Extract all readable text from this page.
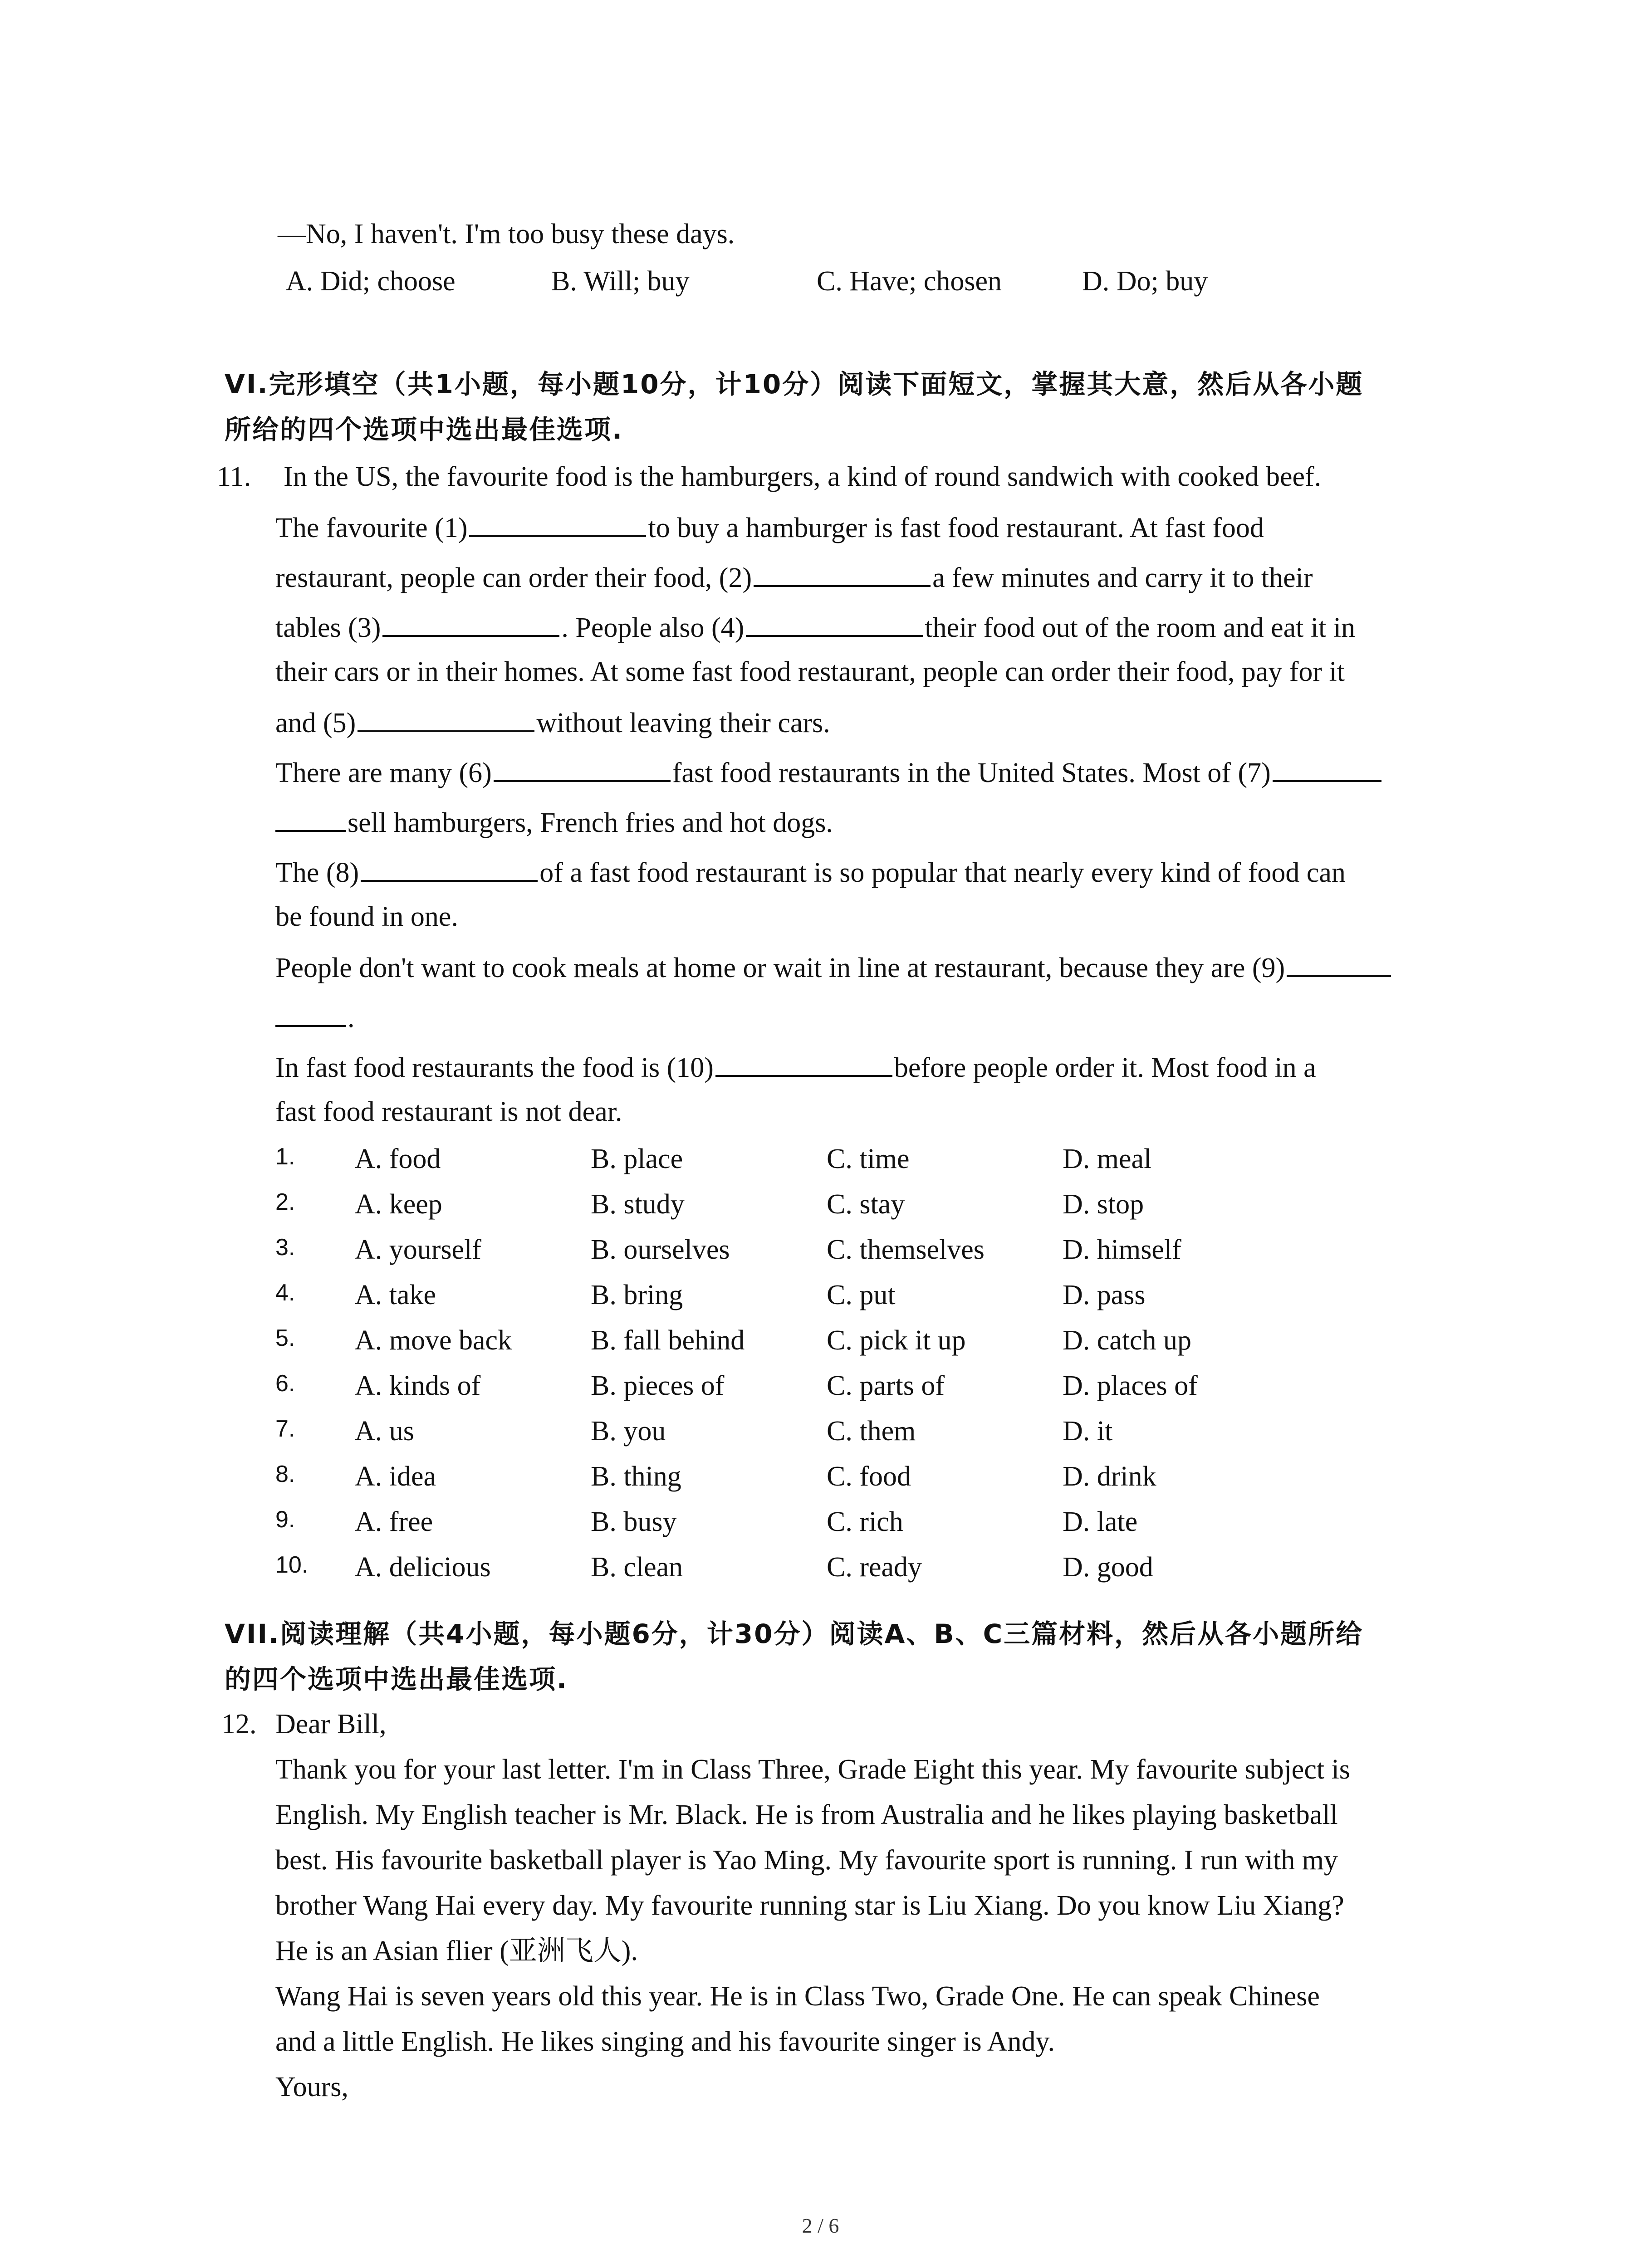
—No, I haven't. I'm too busy these days.
A. Did; choose	B. Will; buy	C. Have; chosen	D. Do; buy
VI.完形填空（共1小题，每小题10分，计10分）阅读下面短文，掌握其大意，然后从各小题
所给的四个选项中选出最佳选项.
11. In the US, the favourite food is the hamburgers, a kind of round sandwich with cooked beef.
The favourite (1)	to buy a hamburger is fast food restaurant. At fast food
restaurant, people can order their food, (2)	a few minutes and carry it to their
tables (3)	. People also (4)	their food out of the room and eat it in
their cars or in their homes. At some fast food restaurant, people can order their food, pay for it
and (5)	without leaving their cars.
There are many (6)	fast food restaurants in the United States. Most of (7)
sell hamburgers, French fries and hot dogs.
The (8)	of a fast food restaurant is so popular that nearly every kind of food can
be found in one.
People don't want to cook meals at home or wait in line at restaurant, because they are (9)
.
In fast food restaurants the food is (10)	before people order it. Most food in a
fast food restaurant is not dear.
1. A. food	B. place	C. time	D. meal
2. A. keep	B. study	C. stay	D. stop
3. A. yourself	B. ourselves	C. themselves	D. himself
4. A. take	B. bring	C. put	D. pass
5. A. move back	B. fall behind	C. pick it up	D. catch up
6. A. kinds of	B. pieces of	C. parts of	D. places of
7. A. us	B. you	C. them	D. it
8. A. idea	B. thing	C. food	D. drink
9. A. free	B. busy	C. rich	D. late
10. A. delicious	B. clean	C. ready	D. good
VII.阅读理解（共4小题，每小题6分，计30分）阅读A、B、C三篇材料，然后从各小题所给
的四个选项中选出最佳选项.
12. Dear Bill,
Thank you for your last letter. I'm in Class Three, Grade Eight this year. My favourite subject is
English. My English teacher is Mr. Black. He is from Australia and he likes playing basketball
best. His favourite basketball player is Yao Ming. My favourite sport is running. I run with my
brother Wang Hai every day. My favourite running star is Liu Xiang. Do you know Liu Xiang?
He is an Asian flier (亚洲飞人).
Wang Hai is seven years old this year. He is in Class Two, Grade One. He can speak Chinese
and a little English. He likes singing and his favourite singer is Andy.
Yours,
2 / 6
